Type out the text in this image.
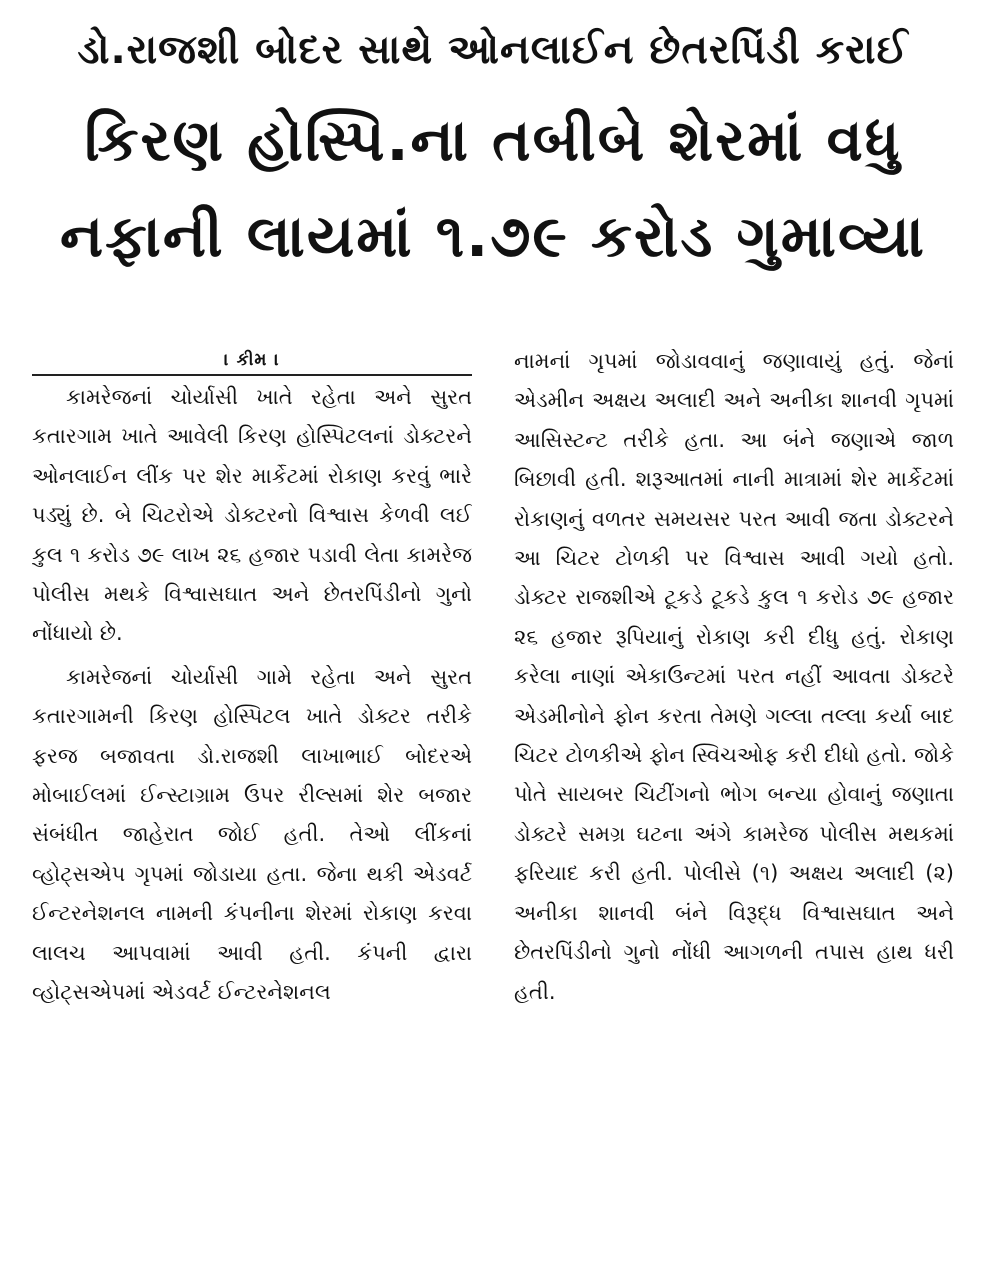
ડો.રાજશી બોદર સાથે ઓનલાઈન છેતરપિંડી કરાઈ
કિરણ હોસ્પિ.ના તબીબે શેરમાં વધુ
નફાની લાયમાં ૧.૭૯ કરોડ ગુમાવ્યા
। કીમ ।

કામરેજનાં ચોર્યાસી ખાતે રહેતા અને સુરત કતારગામ ખાતે આવેલી કિરણ હોસ્પિટલનાં ડોક્ટરને ઓનલાઈન લીંક પર શેર માર્કેટમાં રોકાણ કરવું ભારે પડ્યું છે. બે ચિટરોએ ડોક્ટરનો વિશ્વાસ કેળવી લઈ કુલ ૧ કરોડ ૭૯ લાખ ૨૬ હજાર પડાવી લેતા કામરેજ પોલીસ મથકે વિશ્વાસઘાત અને છેતરપિંડીનો ગુનો નોંધાયો છે.

કામરેજનાં ચોર્યાસી ગામે રહેતા અને સુરત કતારગામની કિરણ હોસ્પિટલ ખાતે ડોક્ટર તરીકે ફરજ બજાવતા ડો.રાજશી લાખાભાઈ બોદરએ મોબાઈલમાં ઈન્સ્ટાગ્રામ ઉપર રીલ્સમાં શેર બજાર સંબંધીત જાહેરાત જોઈ હતી. તેઓ લીંકનાં વ્હોટ્સએપ ગૃપમાં જોડાયા હતા. જેના થકી એડવર્ટ ઈન્ટરનેશનલ નામની કંપનીના શેરમાં રોકાણ કરવા લાલચ આપવામાં આવી હતી. કંપની દ્વારા વ્હોટ્સએપમાં એડવર્ટ ઈન્ટરનેશનલ

નામનાં ગૃપમાં જોડાવવાનું જણાવાયું હતું. જેનાં એડમીન અક્ષય અલાદી અને અનીકા શાનવી ગૃપમાં આસિસ્ટન્ટ તરીકે હતા. આ બંને જણાએ જાળ બિછાવી હતી. શરૂઆતમાં નાની માત્રામાં શેર માર્કેટમાં રોકાણનું વળતર સમયસર પરત આવી જતા ડોક્ટરને આ ચિટર ટોળકી પર વિશ્વાસ આવી ગયો હતો. ડોક્ટર રાજશીએ ટૂકડે ટૂકડે કુલ ૧ કરોડ ૭૯ હજાર ૨૬ હજાર રૂપિયાનું રોકાણ કરી દીધુ હતું. રોકાણ કરેલા નાણાં એકાઉન્ટમાં પરત નહીં આવતા ડોક્ટરે એડમીનોને ફોન કરતા તેમણે ગલ્લા તલ્લા કર્યા બાદ ચિટર ટોળકીએ ફોન સ્વિચઓફ કરી દીધો હતો. જોકે પોતે સાયબર ચિટીંગનો ભોગ બન્યા હોવાનું જણાતા ડોક્ટરે સમગ્ર ઘટના અંગે કામરેજ પોલીસ મથકમાં ફરિયાદ કરી હતી. પોલીસે (૧) અક્ષય અલાદી (૨) અનીકા શાનવી બંને વિરૂદ્ધ વિશ્વાસઘાત અને છેતરપિંડીનો ગુનો નોંધી આગળની તપાસ હાથ ધરી હતી.
